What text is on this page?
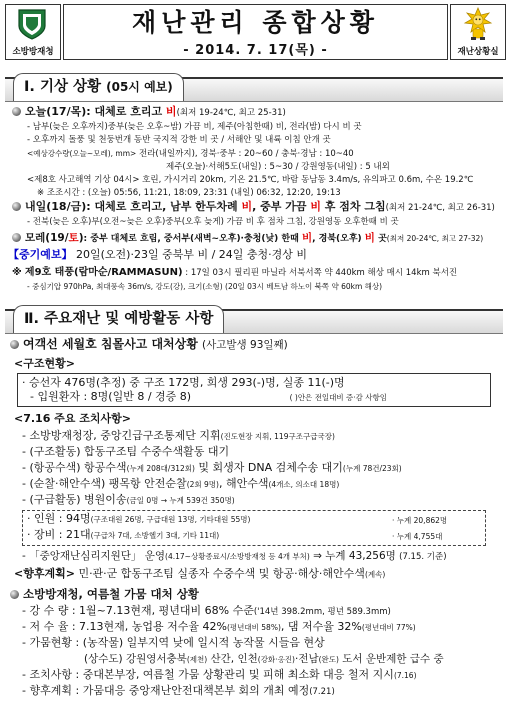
소방방재청
재난관리 종합상황
- 2014. 7. 17(목) -	재난상황실
Ⅰ. 기상 상황 (05시 예보)
오늘(17/목): 대체로 흐리고 비(최저 19-24℃, 최고 25-31)
- 남부(늦은 오후까지)중부(늦은 오후~밤) 가끔 비, 제주(아침한때) 비, 전라(밤) 다시 비 곳
- 오후까지 돌풍 및 천둥번개 동반 국지적 강한 비 곳 / 서해안 및 내륙 이침 안개 곳
<예상강수량(오늘~모레), mm> 전라(내일까지), 경북·중부 : 20~60 / 충북·경남 : 10~40
제주(오늘)·서해5도(내일) : 5~30 / 강원영동(내일) : 5 내외
<제8호 사고해역 기상 04시> 호린, 가시거리 20km, 기온 21.5℃, 바람 동남동 3.4m/s, 유의파고 0.6m, 수온 19.2℃
※ 조조시간 : (오늘) 05:56, 11:21, 18:09, 23:31 (내일) 06:32, 12:20, 19:13
내일(18/금): 대체로 흐리고, 남부 한두차례 비, 중부 가끔 비 후 점차 그침(최저 21-24℃, 최고 26-31)
- 전북(늦은 오후)부(오전~늦은 오후)중부(오후 늦게) 가끔 비 후 점차 그침, 강원영동 오후한때 비 곳
모레(19/토): 중부 대체로 흐림, 중서부(새벽~오후)·충청(낮) 한때 비, 경북(오후) 비 곳(최저 20-24℃, 최고 27-32)
【중기예보】 20일(오전)·23일 중북부 비 / 24일 충청·경상 비
※ 제9호 태풍(람마순/RAMMASUN) : 17일 03시 필리핀 마닐라 서북서쪽 약 440km 해상 매시 14km 북서진
- 중심기압 970hPa, 최대풍속 36m/s, 강도(강), 크기(소형) (20일 03시 베트남 하노이 북쪽 약 60km 해상)
Ⅱ. 주요재난 및 예방활동 사항
여객선 세월호 침몰사고 대처상황 (사고발생 93일째)
<구조현황>
· 승선자 476명(추정) 중 구조 172명, 희생 293(-)명, 실종 11(-)명
- 입원환자 : 8명(일반 8 / 경증 8)	( )안은 전일대비 증·감 사항임
<7.16 주요 조치사항>
- 소방방재청장, 중앙긴급구조통제단 지휘(진도현장 지휘, 119구조구급국장)
- (구조활동) 합동구조팀 수중수색활동 대기
- (항공수색) 항공수색(누계 208대/312회) 및 회생자 DNA 검체수송 대기(누계 78건/23회)
- (순찰·해안수색) 팽목항 안전순찰(2회 9명), 해안수색(4개소, 의소대 18명)
- (구급활동) 병원이송(금일 0명 → 누계 539건 350명)
· 인원 : 94명(구조대원 26명, 구급대원 13명, 기타대원 55명)	· 누계 20,862명
· 장비 : 21대(구급차 7대, 소방헬기 3대, 기타 11대)	· 누계 4,755대
- 「중앙재난심리지원단」 운영(4.17~상황종료시/소방방재청 등 4개 부처) ⇒ 누계 43,256명 (7.15. 기준)
<향후계획> 민·관·군 합동구조팀 실종자 수중수색 및 항공·해상·해안수색(계속)
소방방재청, 여름철 가뭄 대처 상황
- 강 수 량 : 1월~7.13현재, 평년대비 68% 수준('14년 398.2mm, 평년 589.3mm)
- 저 수 율 : 7.13현재, 농업용 저수율 42%(평년대비 58%), 댐 저수율 32%(평년대비 77%)
- 가뭄현황 : (농작물) 일부지역 낮에 일시적 농작물 시들음 현상
(상수도) 강원영서충북(제천) 산간, 인천(강화·옹진)·전남(완도) 도서 운반제한 급수 중
- 조치사항 : 중대본부장, 여름철 가뭄 상황관리 및 피해 최소화 대응 철저 지시(7.16)
- 향후계획 : 가뭄대응 중앙재난안전대책본부 회의 개최 예정(7.21)
